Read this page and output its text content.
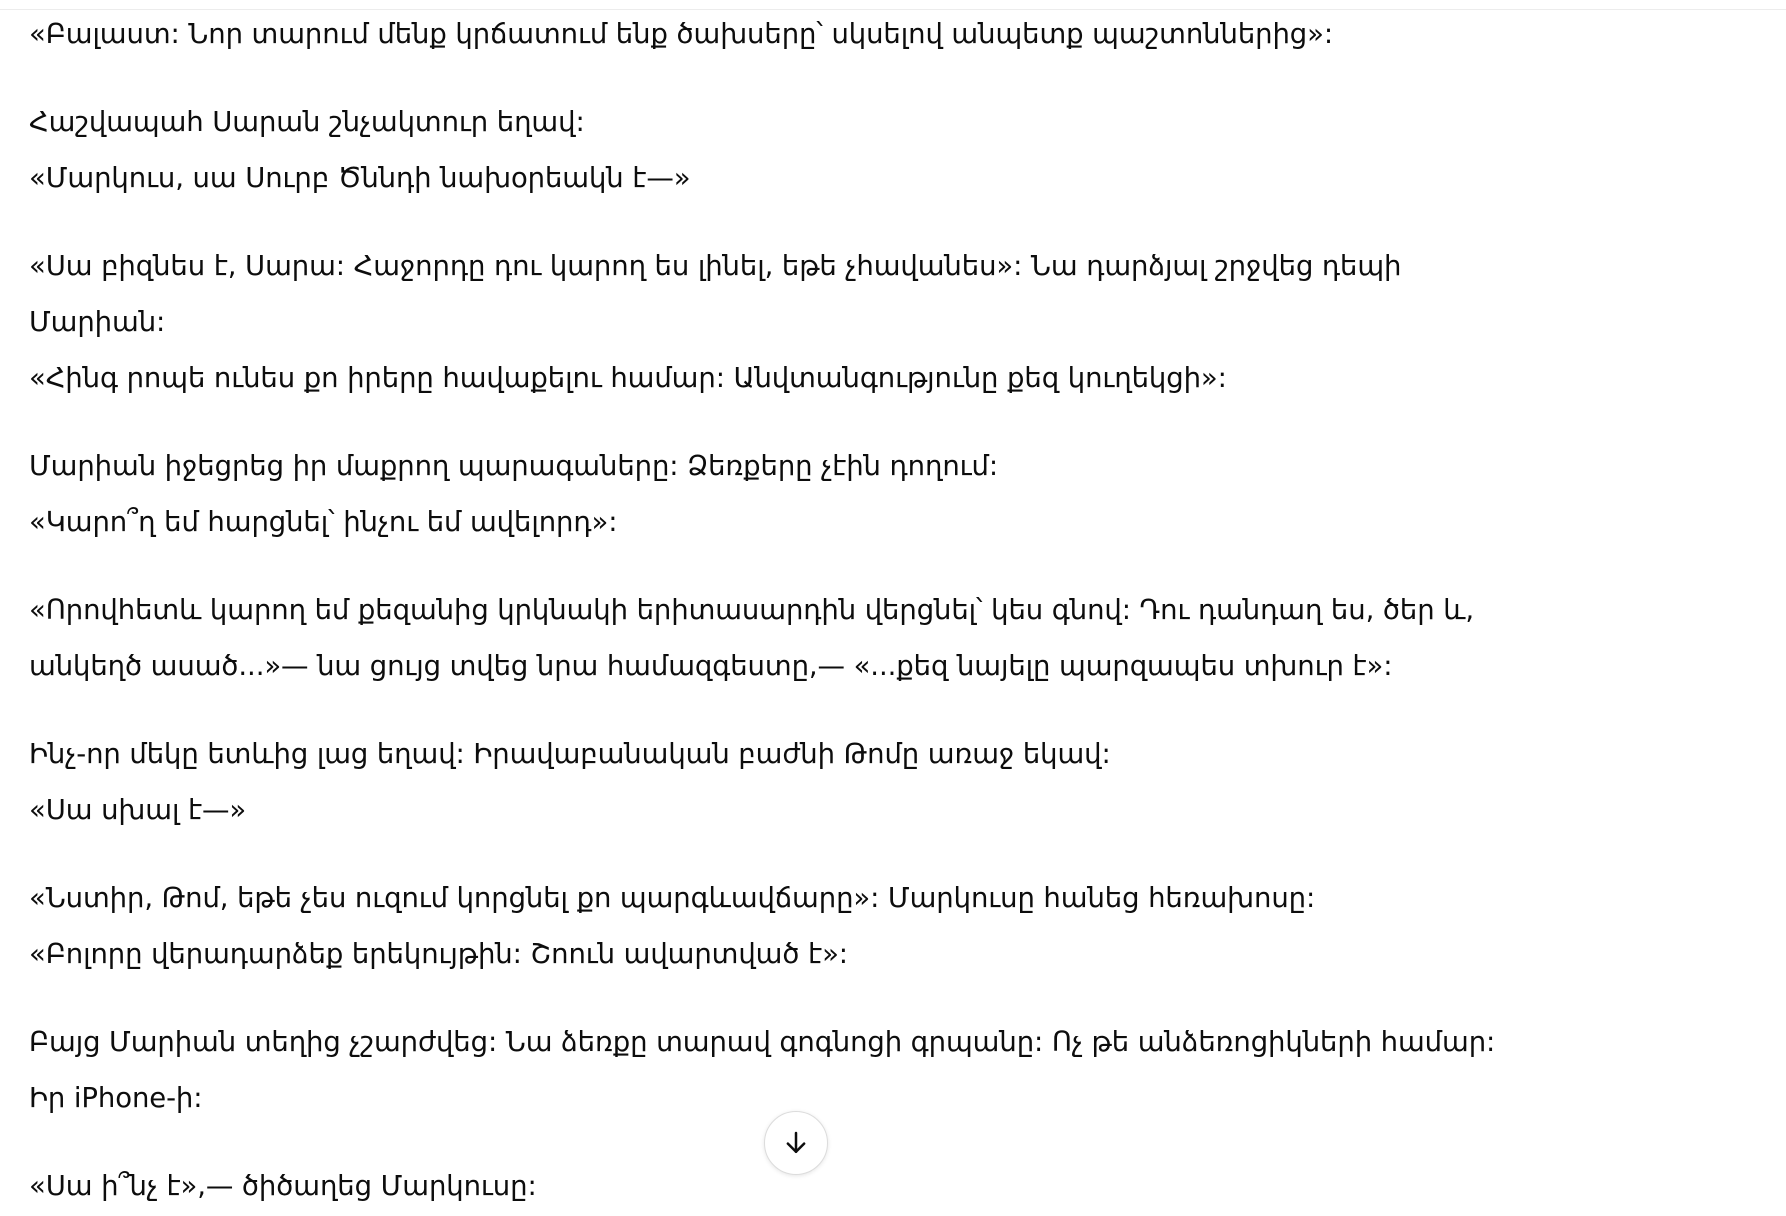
«Բալաստ: Նոր տարում մենք կրճատում ենք ծախսերը՝ սկսելով անպետք պաշտոններից»:

Հաշվապահ Սարան շնչակտուր եղավ:
«Մարկուս, սա Սուրբ Ծննդի նախօրեակն է—»

«Սա բիզնես է, Սարա: Հաջորդը դու կարող ես լինել, եթե չհավանես»: Նա դարձյալ շրջվեց դեպի
Մարիան:
«Հինգ րոպե ունես քո իրերը հավաքելու համար: Անվտանգությունը քեզ կուղեկցի»:

Մարիան իջեցրեց իր մաքրող պարագաները: Ձեռքերը չէին դողում:
«Կարո՞ղ եմ հարցնել՝ ինչու եմ ավելորդ»:

«Որովհետև կարող եմ քեզանից կրկնակի երիտասարդին վերցնել՝ կես գնով: Դու դանդաղ ես, ծեր և,
անկեղծ ասած...»— նա ցույց տվեց նրա համազգեստը,— «...քեզ նայելը պարզապես տխուր է»:

Ինչ-որ մեկը ետևից լաց եղավ: Իրավաբանական բաժնի Թոմը առաջ եկավ:
«Սա սխալ է—»

«Նստիր, Թոմ, եթե չես ուզում կորցնել քո պարգևավճարը»: Մարկուսը հանեց հեռախոսը:
«Բոլորը վերադարձեք երեկույթին: Շոուն ավարտված է»:

Բայց Մարիան տեղից չշարժվեց: Նա ձեռքը տարավ գոգնոցի գրպանը: Ոչ թե անձեռոցիկների համար:
Իր iPhone-ի:

«Սա ի՞նչ է»,— ծիծաղեց Մարկուսը:
